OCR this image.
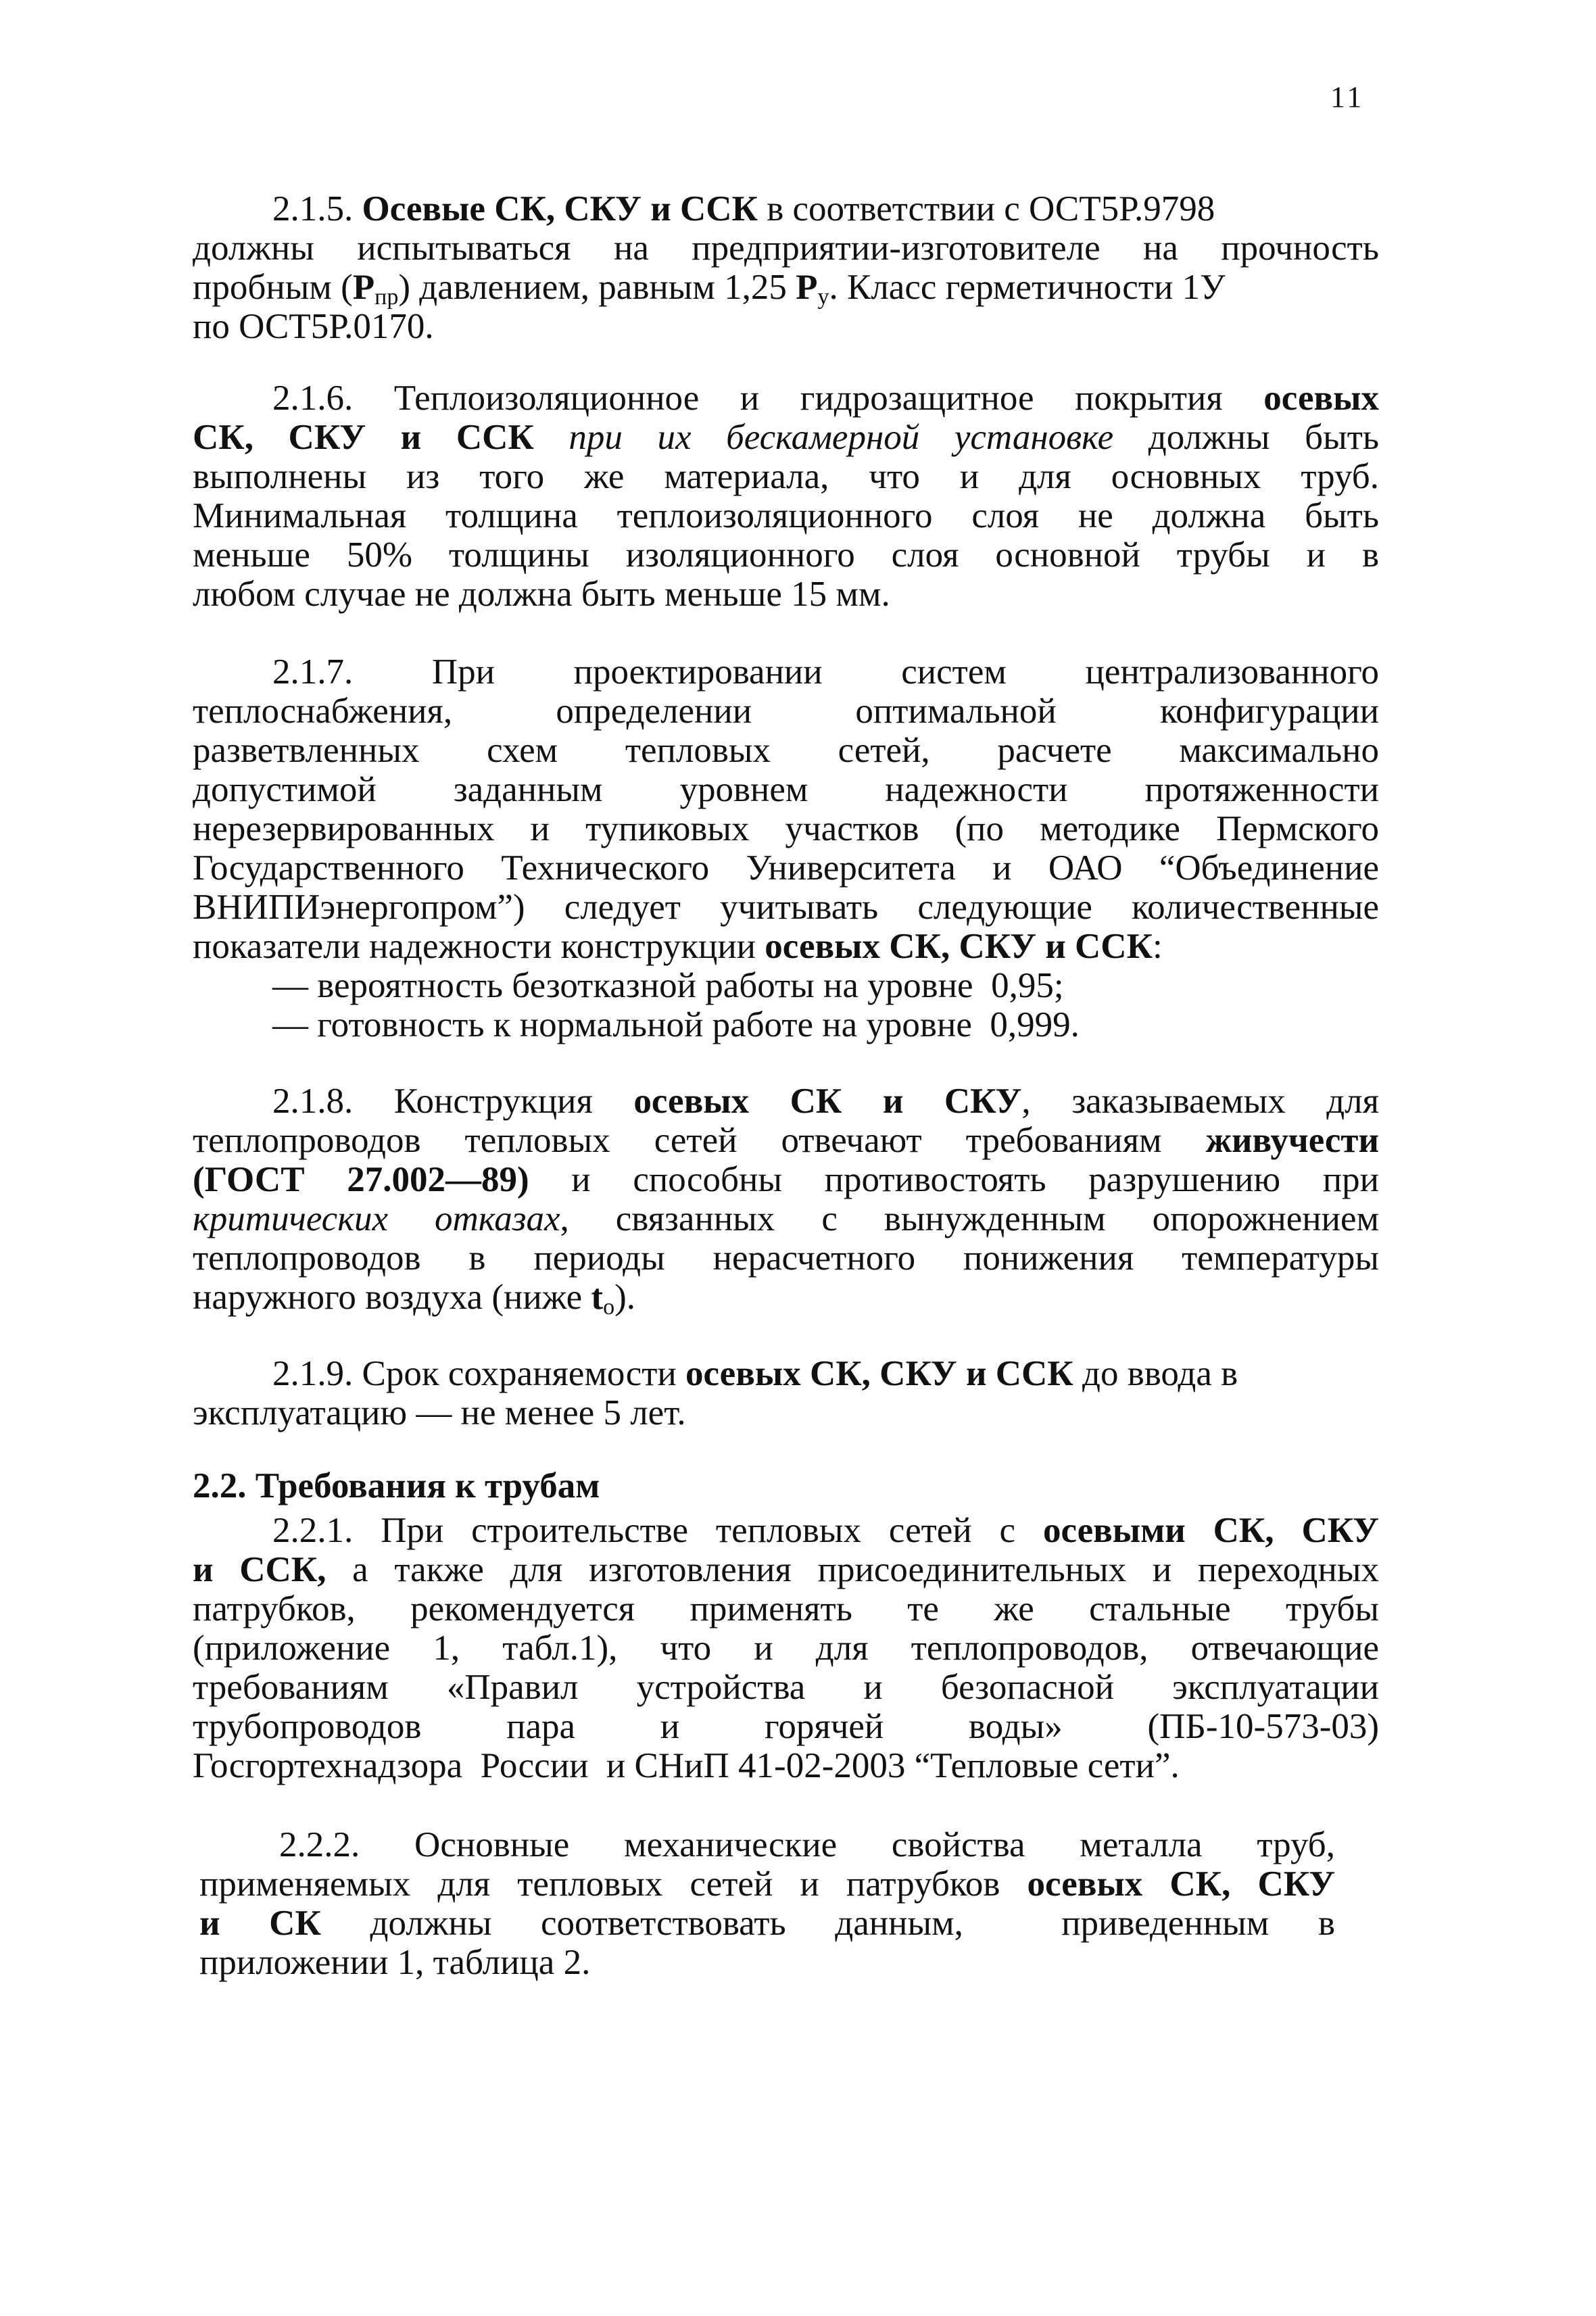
11
2.1.5. Осевые СК, СКУ и ССК в соответствии с ОСТ5Р.9798
должны испытываться на предприятии-изготовителе на прочность
пробным $(Р_{пр})$ давлением, равным 1,25 $Р_у$. Класс герметичности 1У
по ОСТ5Р.0170.
2.1.6. Теплоизоляционное и гидрозащитное покрытия осевых
СК, СКУ и ССК при их бескамерной установке должны быть
выполнены из того же материала, что и для основных труб.
Минимальная толщина теплоизоляционного слоя не должна быть
меньше 50% толщины изоляционного слоя основной трубы и в
любом случае не должна быть меньше 15 мм.
2.1.7. При проектировании систем централизованного
теплоснабжения, определении оптимальной конфигурации
разветвленных схем тепловых сетей, расчете максимально
допустимой заданным уровнем надежности протяженности
нерезервированных и тупиковых участков (по методике Пермского
Государственного Технического Университета и ОАО “Объединение
ВНИПИэнергопром”) следует учитывать следующие количественные
показатели надежности конструкции осевых СК, СКУ и ССК:
— вероятность безотказной работы на уровне  0,95;
— готовность к нормальной работе на уровне  0,999.
2.1.8. Конструкция осевых СК и СКУ, заказываемых для
теплопроводов тепловых сетей отвечают требованиям живучести
(ГОСТ 27.002—89) и способны противостоять разрушению при
критических отказах, связанных с вынужденным опорожнением
теплопроводов в периоды нерасчетного понижения температуры
наружного воздуха (ниже $t_о$).
2.1.9. Срок сохраняемости осевых СК, СКУ и ССК до ввода в
эксплуатацию — не менее 5 лет.
2.2. Требования к трубам
2.2.1. При строительстве тепловых сетей с осевыми СК, СКУ
и ССК, а также для изготовления присоединительных и переходных
патрубков, рекомендуется применять те же стальные трубы
(приложение 1, табл.1), что и для теплопроводов, отвечающие
требованиям «Правил устройства и безопасной эксплуатации
трубопроводов пара и горячей воды» (ПБ-10-573-03)
Госгортехнадзора  России  и СНиП 41-02-2003 “Тепловые сети”.
2.2.2. Основные механические свойства металла труб,
применяемых для тепловых сетей и патрубков осевых СК, СКУ
и СК должны соответствовать данным,  приведенным в
приложении 1, таблица 2.
